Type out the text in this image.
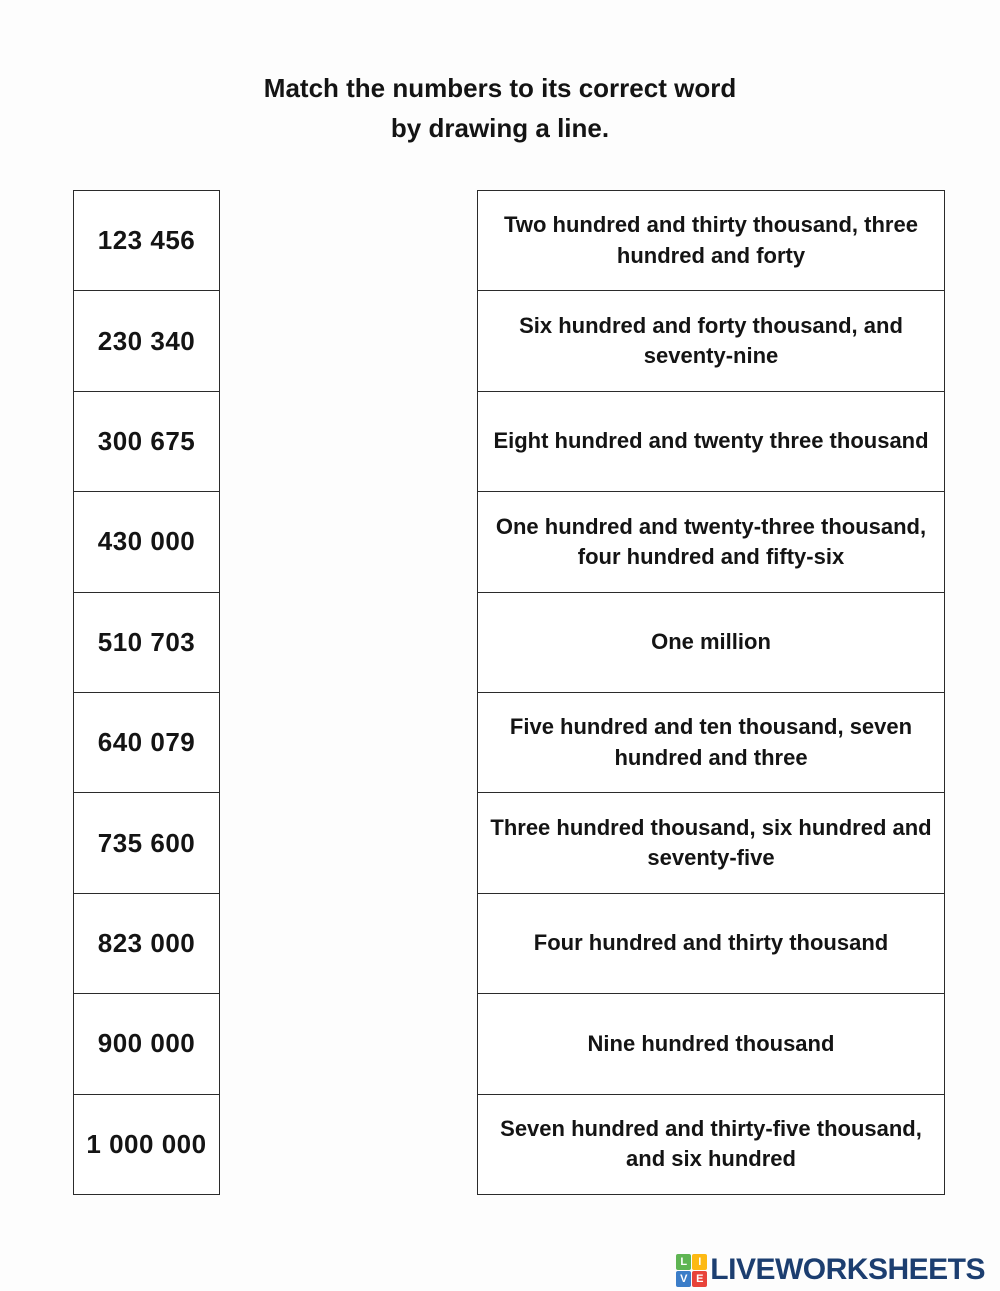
Match the numbers to its correct word
by drawing a line.
123 456
230 340
300 675
430 000
510 703
640 079
735 600
823 000
900 000
1 000 000
Two hundred and thirty thousand, three hundred and forty
Six hundred and forty thousand, and seventy-nine
Eight hundred and twenty three thousand
One hundred and twenty-three thousand, four hundred and fifty-six
One million
Five hundred and ten thousand, seven hundred and three
Three hundred thousand, six hundred and seventy-five
Four hundred and thirty thousand
Nine hundred thousand
Seven hundred and thirty-five thousand, and six hundred
L	I
V E LIVEWORKSHEETS
